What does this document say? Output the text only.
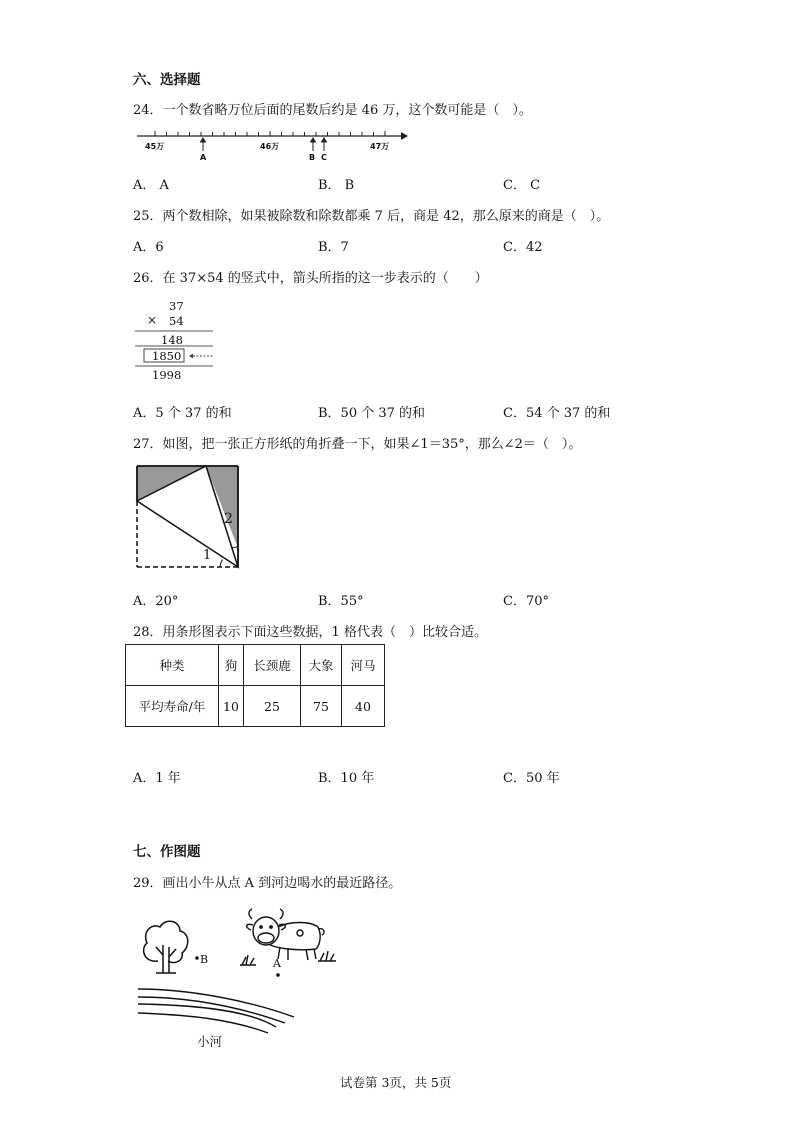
六、选择题
24．一个数省略万位后面的尾数后约是 46 万，这个数可能是（　）。
45万	46万	47万
A	B C
A． A	B． B	C． C
25．两个数相除，如果被除数和除数都乘 7 后，商是 42，那么原来的商是（　）。
A．6	B．7	C．42
26．在 37×54 的竖式中，箭头所指的这一步表示的（　　）
37
× 54
148
1850
1998
A．5 个 37 的和	B．50 个 37 的和	C．54 个 37 的和
27．如图，把一张正方形纸的角折叠一下，如果∠1＝35°，那么∠2＝（　）。
1
2
A．20°	B．55°	C．70°
28．用条形图表示下面这些数据，1 格代表（　）比较合适。
种类	狗	长颈鹿	大象	河马
平均寿命/年	10	25	75	40
A．1 年	B．10 年	C．50 年
七、作图题
29．画出小牛从点 A 到河边喝水的最近路径。
B	A
小河
试卷第 3页，共 5页
